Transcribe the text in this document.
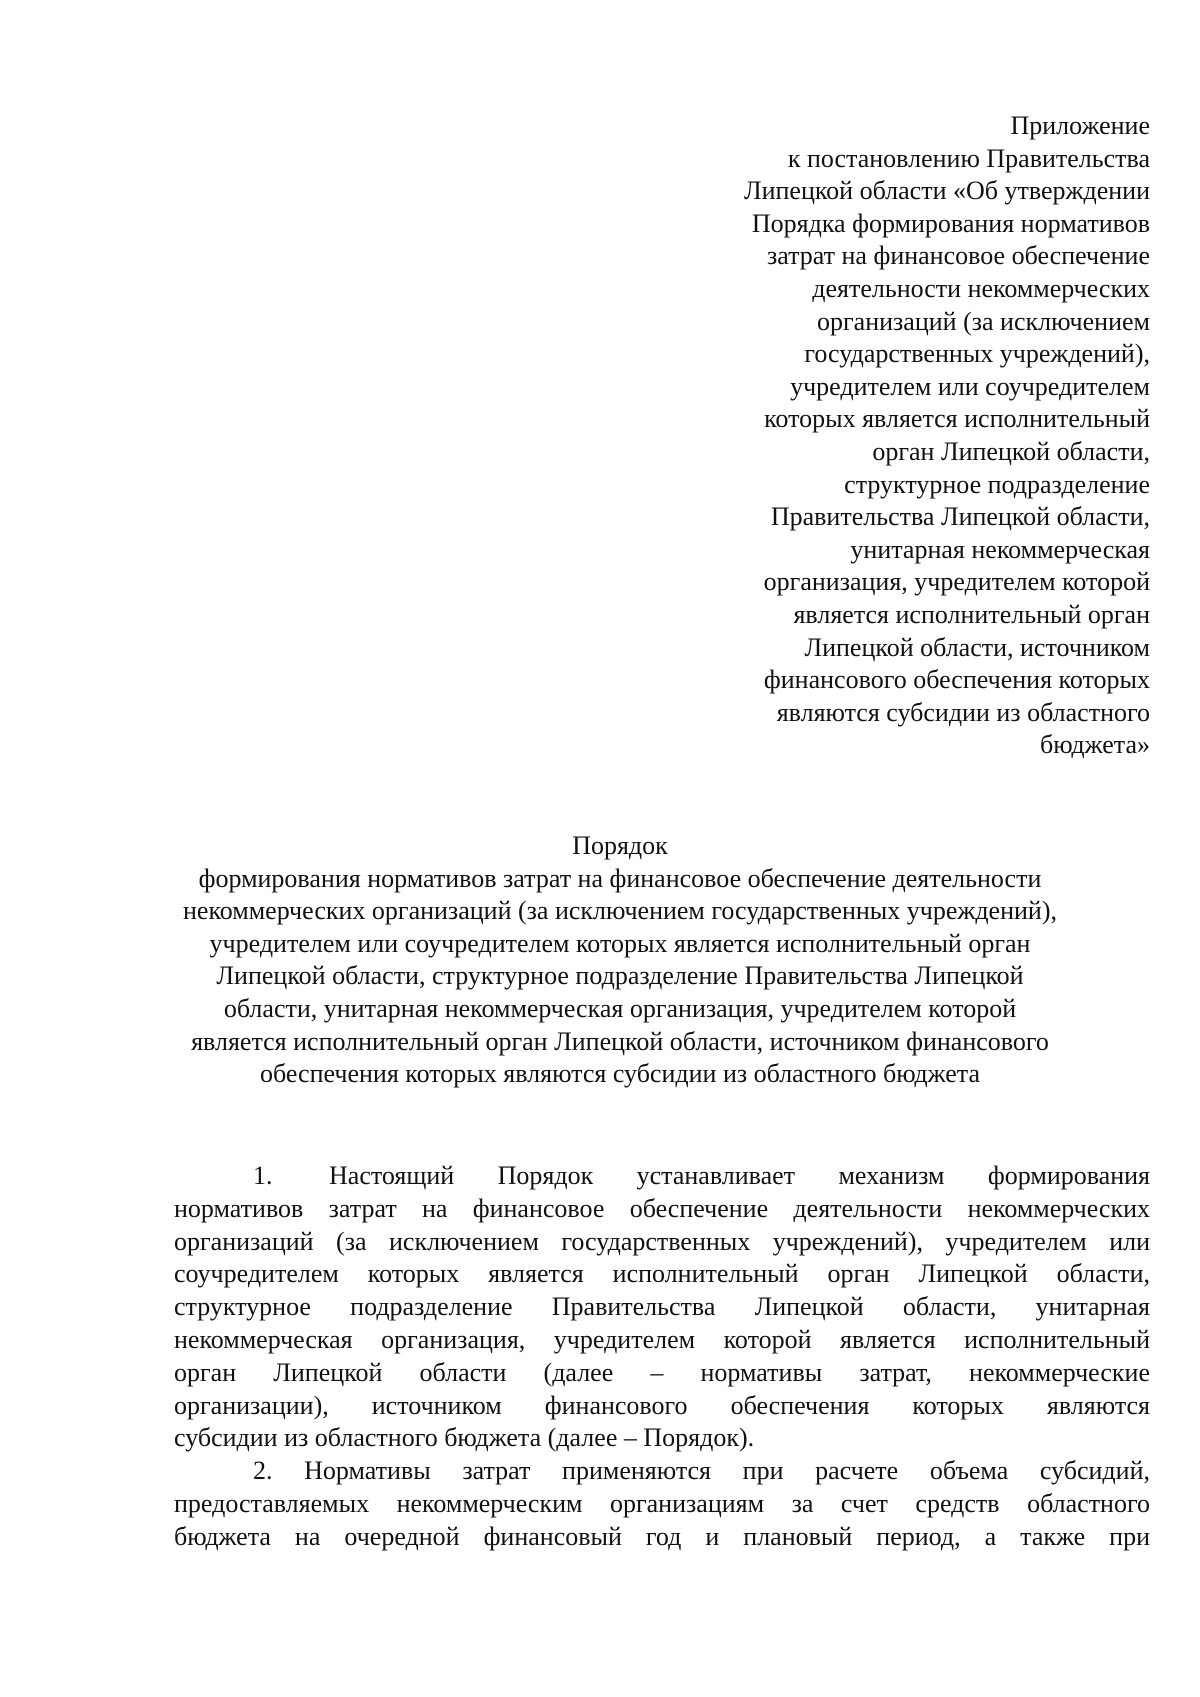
Приложение
к постановлению Правительства
Липецкой области «Об утверждении
Порядка формирования нормативов
затрат на финансовое обеспечение
деятельности некоммерческих
организаций (за исключением
государственных учреждений),
учредителем или соучредителем
которых является исполнительный
орган Липецкой области,
структурное подразделение
Правительства Липецкой области,
унитарная некоммерческая
организация, учредителем которой
является исполнительный орган
Липецкой области, источником
финансового обеспечения которых
являются субсидии из областного
бюджета»
Порядок
формирования нормативов затрат на финансовое обеспечение деятельности
некоммерческих организаций (за исключением государственных учреждений),
учредителем или соучредителем которых является исполнительный орган
Липецкой области, структурное подразделение Правительства Липецкой
области, унитарная некоммерческая организация, учредителем которой
является исполнительный орган Липецкой области, источником финансового
обеспечения которых являются субсидии из областного бюджета
1. Настоящий Порядок устанавливает механизм формирования
нормативов затрат на финансовое обеспечение деятельности некоммерческих
организаций (за исключением государственных учреждений), учредителем или
соучредителем которых является исполнительный орган Липецкой области,
структурное подразделение Правительства Липецкой области, унитарная
некоммерческая организация, учредителем которой является исполнительный
орган Липецкой области (далее – нормативы затрат, некоммерческие
организации), источником финансового обеспечения которых являются
субсидии из областного бюджета (далее – Порядок).
2. Нормативы затрат применяются при расчете объема субсидий,
предоставляемых некоммерческим организациям за счет средств областного
бюджета на очередной финансовый год и плановый период, а также при
